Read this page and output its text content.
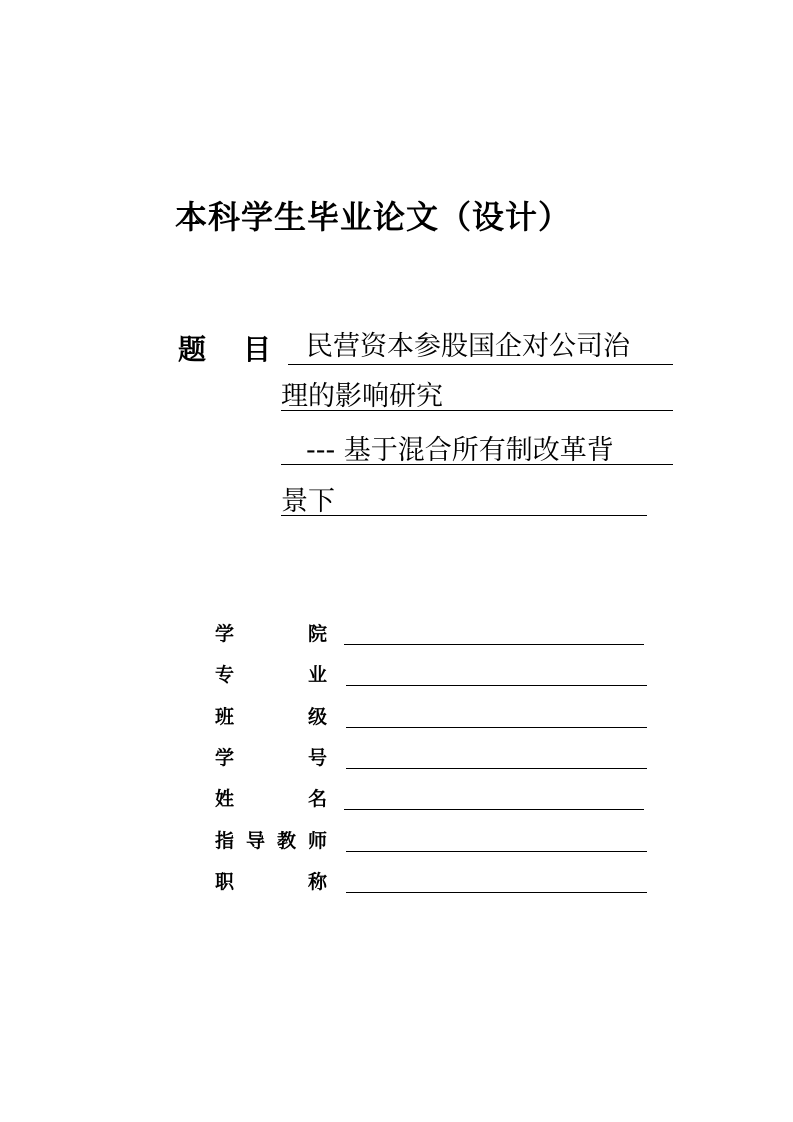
本科学生毕业论文（设计）
题 目 民营资本参股国企对公司治
理的影响研究
--- 基于混合所有制改革背
景下
学	院
专	业
班	级
学	号
姓	名
指 导 教 师
职	称
